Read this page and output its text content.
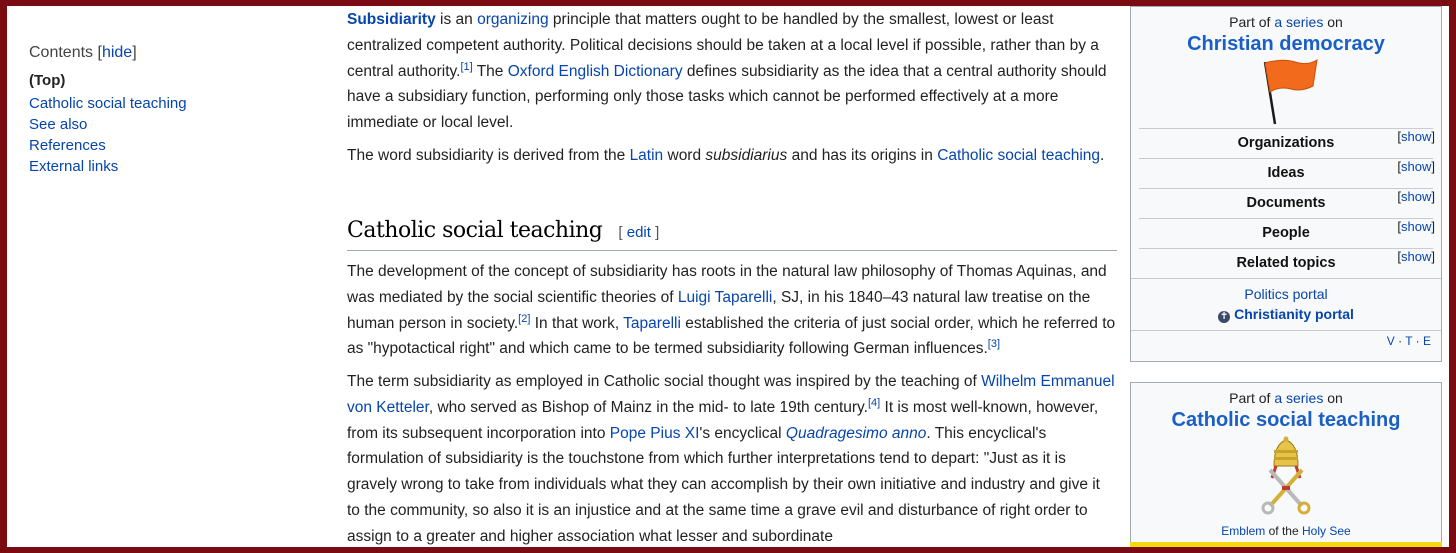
Contents [hide]
(Top)
Catholic social teaching
See also
References
External links

Subsidiarity is an organizing principle that matters ought to be handled by the smallest, lowest or least centralized competent authority. Political decisions should be taken at a local level if possible, rather than by a central authority.[1] The Oxford English Dictionary defines subsidiarity as the idea that a central authority should have a subsidiary function, performing only those tasks which cannot be performed effectively at a more immediate or local level.

The word subsidiarity is derived from the Latin word subsidiarius and has its origins in Catholic social teaching.

Catholic social teaching [ edit ]

The development of the concept of subsidiarity has roots in the natural law philosophy of Thomas Aquinas, and was mediated by the social scientific theories of Luigi Taparelli, SJ, in his 1840–43 natural law treatise on the human person in society.[2] In that work, Taparelli established the criteria of just social order, which he referred to as "hypotactical right" and which came to be termed subsidiarity following German influences.[3]

The term subsidiarity as employed in Catholic social thought was inspired by the teaching of Wilhelm Emmanuel von Ketteler, who served as Bishop of Mainz in the mid- to late 19th century.[4] It is most well-known, however, from its subsequent incorporation into Pope Pius XI's encyclical Quadragesimo anno. This encyclical's formulation of subsidiarity is the touchstone from which further interpretations tend to depart: "Just as it is gravely wrong to take from individuals what they can accomplish by their own initiative and industry and give it to the community, so also it is an injustice and at the same time a grave evil and disturbance of right order to assign to a greater and higher association what lesser and subordinate

Part of a series on
Christian democracy
Organizations	[show]
Ideas	[show]
Documents	[show]
People	[show]
Related topics	[show]
Politics portal
✝ Christianity portal
V · T · E
Part of a series on
Catholic social teaching
Emblem of the Holy See
